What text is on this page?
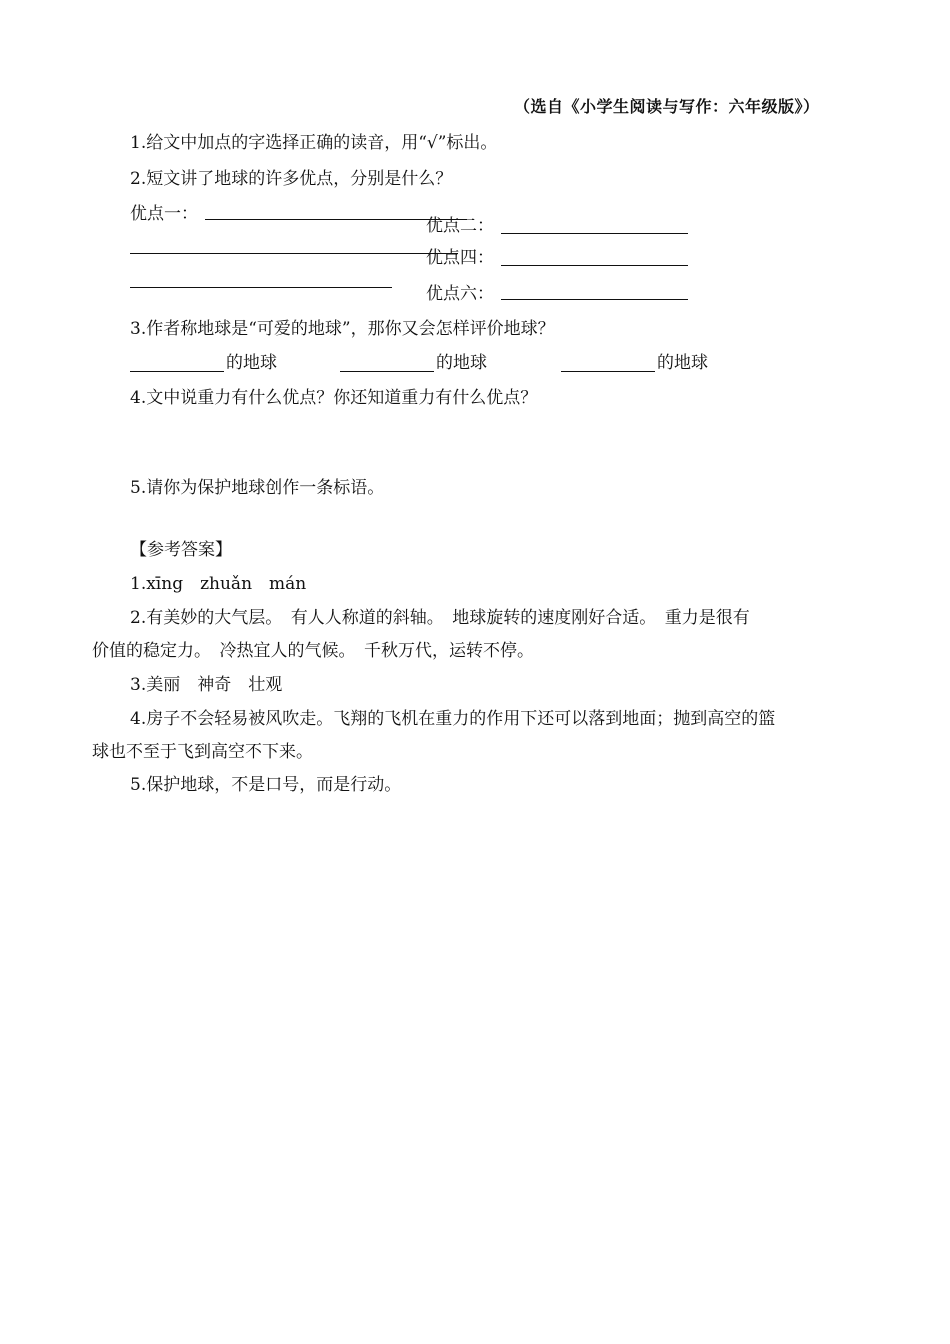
（选自《小学生阅读与写作：六年级版》）
1.给文中加点的字选择正确的读音，用“√”标出。
2.短文讲了地球的许多优点，分别是什么？
优点一：
优点二：
优点四：
优点六：
3.作者称地球是“可爱的地球”，那你又会怎样评价地球？
的地球	的地球	的地球
4.文中说重力有什么优点？你还知道重力有什么优点？
5.请你为保护地球创作一条标语。
【参考答案】
1.xīng　zhuǎn　mán
2.有美妙的大气层。　有人人称道的斜轴。　地球旋转的速度刚好合适。　重力是很有
价值的稳定力。　冷热宜人的气候。　千秋万代，运转不停。
3.美丽　神奇　壮观
4.房子不会轻易被风吹走。飞翔的飞机在重力的作用下还可以落到地面；抛到高空的篮
球也不至于飞到高空不下来。
5.保护地球，不是口号，而是行动。
